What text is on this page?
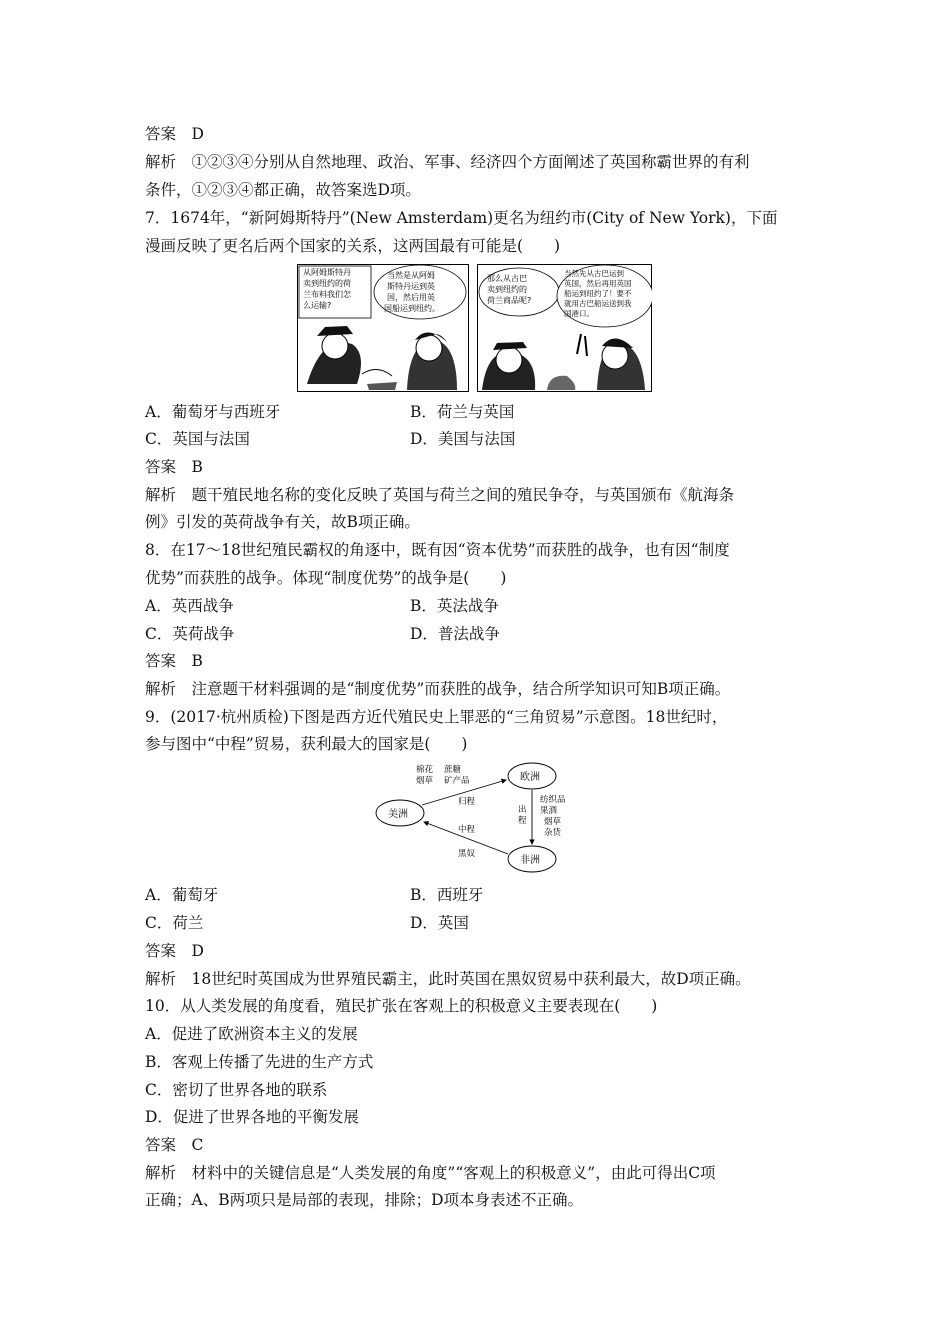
答案　D
解析　①②③④分别从自然地理、政治、军事、经济四个方面阐述了英国称霸世界的有利
条件，①②③④都正确，故答案选D项。
7．1674年，“新阿姆斯特丹”(New Amsterdam)更名为纽约市(City of New York)，下面
漫画反映了更名后两个国家的关系，这两国最有可能是(　　)
从阿姆斯特丹 卖到纽约的荷 兰布料我们怎 么运输?
当然是从阿姆 斯特丹运到英 国，然后用英 国船运到纽约。
那么从古巴 卖到纽约的 荷兰商品呢?
当然先从古巴运到 英国，然后再用英国 船运到纽约了！要不 就用古巴船运送到我 国港口。
A．葡萄牙与西班牙	B．荷兰与英国
C．英国与法国	D．美国与法国
答案　B
解析　题干殖民地名称的变化反映了英国与荷兰之间的殖民争夺，与英国颁布《航海条
例》引发的英荷战争有关，故B项正确。
8．在17～18世纪殖民霸权的角逐中，既有因“资本优势”而获胜的战争，也有因“制度
优势”而获胜的战争。体现“制度优势”的战争是(　　)
A．英西战争	B．英法战争
C．英荷战争	D．普法战争
答案　B
解析　注意题干材料强调的是“制度优势”而获胜的战争，结合所学知识可知B项正确。
9．(2017·杭州质检)下图是西方近代殖民史上罪恶的“三角贸易”示意图。18世纪时，
参与图中“中程”贸易，获利最大的国家是(　　)
美洲
欧洲
非洲
棉花 烟草
蔗糖 矿产品
归程
出 程
中程
黑奴
纺织品 果酒 烟草 杂货
A．葡萄牙	B．西班牙
C．荷兰	D．英国
答案　D
解析　18世纪时英国成为世界殖民霸主，此时英国在黑奴贸易中获利最大，故D项正确。
10．从人类发展的角度看，殖民扩张在客观上的积极意义主要表现在(　　)
A．促进了欧洲资本主义的发展
B．客观上传播了先进的生产方式
C．密切了世界各地的联系
D．促进了世界各地的平衡发展
答案　C
解析　材料中的关键信息是“人类发展的角度”“客观上的积极意义”，由此可得出C项
正确；A、B两项只是局部的表现，排除；D项本身表述不正确。
